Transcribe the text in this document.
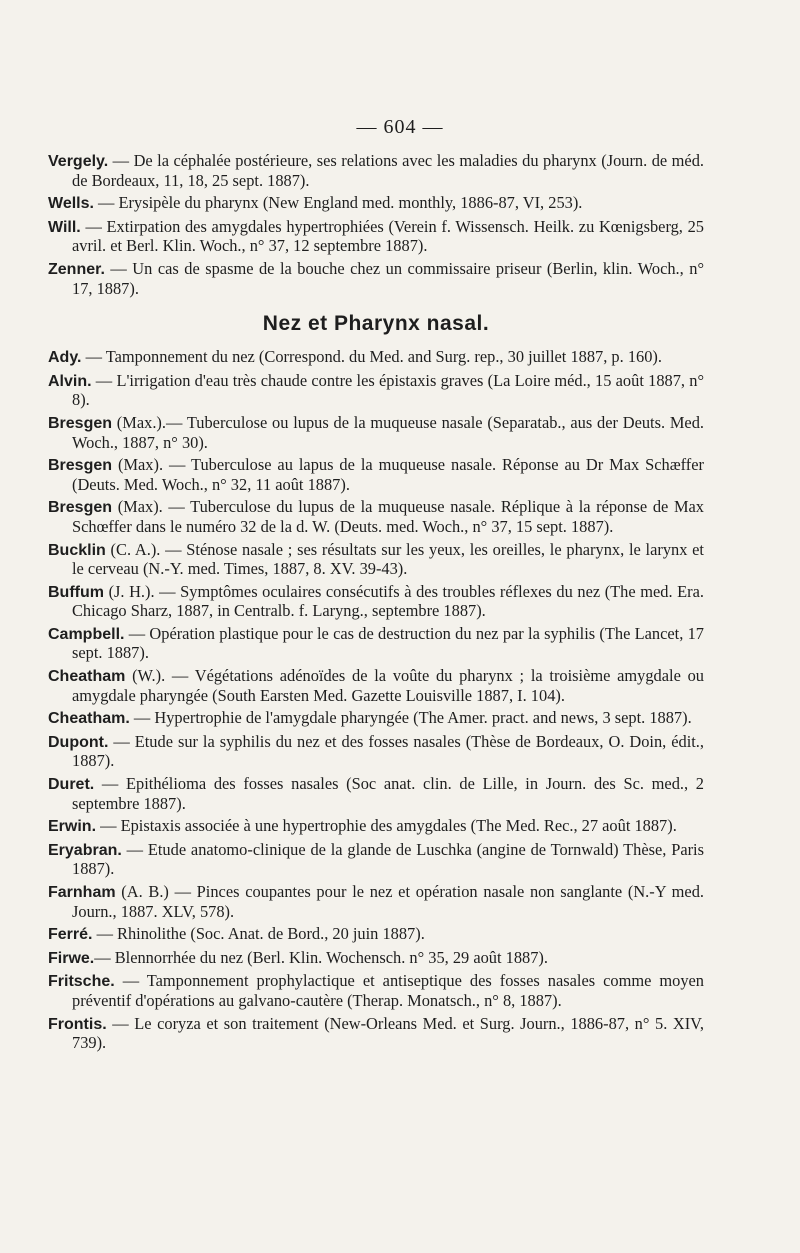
— 604 —

Vergely. — De la céphalée postérieure, ses relations avec les maladies du pharynx (Journ. de méd. de Bordeaux, 11, 18, 25 sept. 1887).

Wells. — Erysipèle du pharynx (New England med. monthly, 1886-87, VI, 253).

Will. — Extirpation des amygdales hypertrophiées (Verein f. Wissensch. Heilk. zu Kœnigsberg, 25 avril. et Berl. Klin. Woch., n° 37, 12 septembre 1887).

Zenner. — Un cas de spasme de la bouche chez un commissaire priseur (Berlin, klin. Woch., n° 17, 1887).

Nez et Pharynx nasal.

Ady. — Tamponnement du nez (Correspond. du Med. and Surg. rep., 30 juillet 1887, p. 160).

Alvin. — L'irrigation d'eau très chaude contre les épistaxis graves (La Loire méd., 15 août 1887, n° 8).

Bresgen (Max.).— Tuberculose ou lupus de la muqueuse nasale (Separatab., aus der Deuts. Med. Woch., 1887, n° 30).

Bresgen (Max). — Tuberculose au lapus de la muqueuse nasale. Réponse au Dr Max Schæffer (Deuts. Med. Woch., n° 32, 11 août 1887).

Bresgen (Max). — Tuberculose du lupus de la muqueuse nasale. Réplique à la réponse de Max Schœffer dans le numéro 32 de la d. W. (Deuts. med. Woch., n° 37, 15 sept. 1887).

Bucklin (C. A.). — Sténose nasale ; ses résultats sur les yeux, les oreilles, le pharynx, le larynx et le cerveau (N.-Y. med. Times, 1887, 8. XV. 39-43).

Buffum (J. H.). — Symptômes oculaires consécutifs à des troubles réflexes du nez (The med. Era. Chicago Sharz, 1887, in Centralb. f. Laryng., septembre 1887).

Campbell. — Opération plastique pour le cas de destruction du nez par la syphilis (The Lancet, 17 sept. 1887).

Cheatham (W.). — Végétations adénoïdes de la voûte du pharynx ; la troisième amygdale ou amygdale pharyngée (South Earsten Med. Gazette Louisville 1887, I. 104).

Cheatham. — Hypertrophie de l'amygdale pharyngée (The Amer. pract. and news, 3 sept. 1887).

Dupont. — Etude sur la syphilis du nez et des fosses nasales (Thèse de Bordeaux, O. Doin, édit., 1887).

Duret. — Epithélioma des fosses nasales (Soc anat. clin. de Lille, in Journ. des Sc. med., 2 septembre 1887).

Erwin. — Epistaxis associée à une hypertrophie des amygdales (The Med. Rec., 27 août 1887).

Eryabran. — Etude anatomo-clinique de la glande de Luschka (angine de Tornwald) Thèse, Paris 1887).

Farnham (A. B.) — Pinces coupantes pour le nez et opération nasale non sanglante (N.-Y med. Journ., 1887. XLV, 578).

Ferré. — Rhinolithe (Soc. Anat. de Bord., 20 juin 1887).

Firwe.— Blennorrhée du nez (Berl. Klin. Wochensch. n° 35, 29 août 1887).

Fritsche. — Tamponnement prophylactique et antiseptique des fosses nasales comme moyen préventif d'opérations au galvano-cautère (Therap. Monatsch., n° 8, 1887).

Frontis. — Le coryza et son traitement (New-Orleans Med. et Surg. Journ., 1886-87, n° 5. XIV, 739).
